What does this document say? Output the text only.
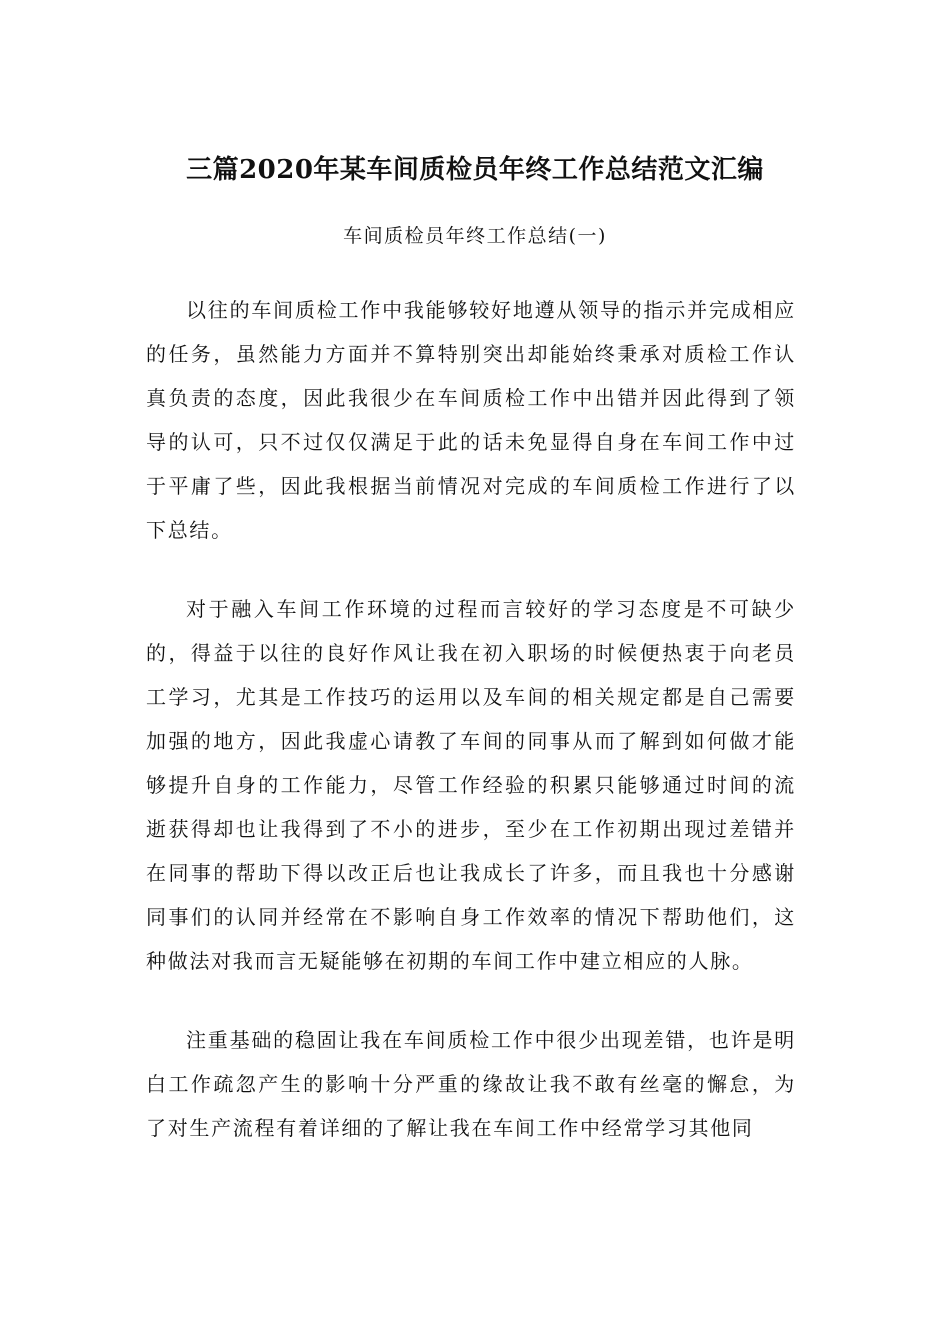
三篇2020年某车间质检员年终工作总结范文汇编
车间质检员年终工作总结(一)

以往的车间质检工作中我能够较好地遵从领导的指示并完成相应的任务，虽然能力方面并不算特别突出却能始终秉承对质检工作认真负责的态度，因此我很少在车间质检工作中出错并因此得到了领导的认可，只不过仅仅满足于此的话未免显得自身在车间工作中过于平庸了些，因此我根据当前情况对完成的车间质检工作进行了以下总结。

对于融入车间工作环境的过程而言较好的学习态度是不可缺少的，得益于以往的良好作风让我在初入职场的时候便热衷于向老员工学习，尤其是工作技巧的运用以及车间的相关规定都是自己需要加强的地方，因此我虚心请教了车间的同事从而了解到如何做才能够提升自身的工作能力，尽管工作经验的积累只能够通过时间的流逝获得却也让我得到了不小的进步，至少在工作初期出现过差错并在同事的帮助下得以改正后也让我成长了许多，而且我也十分感谢同事们的认同并经常在不影响自身工作效率的情况下帮助他们，这种做法对我而言无疑能够在初期的车间工作中建立相应的人脉。

注重基础的稳固让我在车间质检工作中很少出现差错，也许是明白工作疏忽产生的影响十分严重的缘故让我不敢有丝毫的懈怠，为了对生产流程有着详细的了解让我在车间工作中经常学习其他同
